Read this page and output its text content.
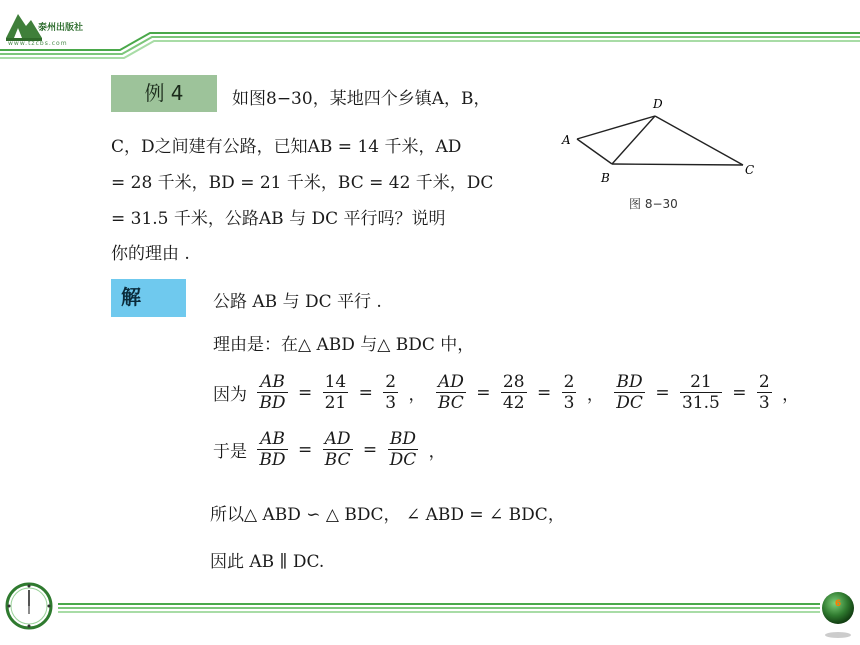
泰州出版社
www.tzcbs.com
例 4	如图8−30，某地四个乡镇A，B，
C，D之间建有公路，已知AB = 14 千米，AD
= 28 千米，BD = 21 千米，BC = 42 千米，DC
= 31.5 千米，公路AB 与 DC 平行吗？说明
你的理由 .
A
B
C
D
图 8−30
解	公路 AB 与 DC 平行 .
理由是：在△ ABD 与△ BDC 中，
因为 $\frac{AB}{BD} = \frac{14}{21} = \frac{2}{3}$ ， $\frac{AD}{BC} = \frac{28}{42} = \frac{2}{3}$ ， $\frac{BD}{DC} = \frac{21}{31.5} = \frac{2}{3}$ ，
于是 $\frac{AB}{BD} = \frac{AD}{BC} = \frac{BD}{DC}$ ，
所以△ ABD ∽ △ BDC， ∠ ABD = ∠ BDC，
因此 AB ∥ DC.
6
